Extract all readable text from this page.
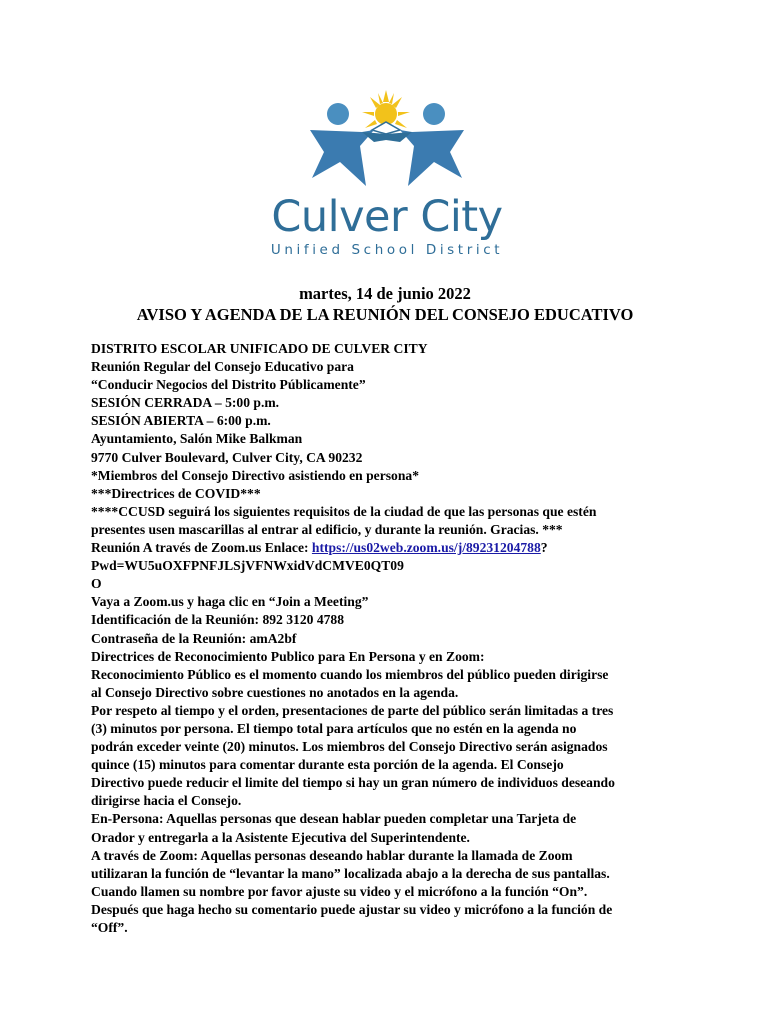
Culver City
Unified School District
martes, 14 de junio 2022
AVISO Y AGENDA DE LA REUNIÓN DEL CONSEJO EDUCATIVO

DISTRITO ESCOLAR UNIFICADO DE CULVER CITY

Reunión Regular del Consejo Educativo para

“Conducir Negocios del Distrito Públicamente”

SESIÓN CERRADA – 5:00 p.m.

SESIÓN ABIERTA – 6:00 p.m.

Ayuntamiento, Salón Mike Balkman

9770 Culver Boulevard, Culver City, CA 90232

*Miembros del Consejo Directivo asistiendo en persona*

***Directrices de COVID***

****CCUSD seguirá los siguientes requisitos de la ciudad de que las personas que estén

presentes usen mascarillas al entrar al edificio, y durante la reunión. Gracias. ***

Reunión A través de Zoom.us Enlace: https://us02web.zoom.us/j/89231204788?

Pwd=WU5uOXFPNFJLSjVFNWxidVdCMVE0QT09

O

Vaya a Zoom.us y haga clic en “Join a Meeting”

Identificación de la Reunión: 892 3120 4788

Contraseña de la Reunión: amA2bf

Directrices de Reconocimiento Publico para En Persona y en Zoom:

Reconocimiento Público es el momento cuando los miembros del público pueden dirigirse

al Consejo Directivo sobre cuestiones no anotados en la agenda.

Por respeto al tiempo y el orden, presentaciones de parte del público serán limitadas a tres

(3) minutos por persona. El tiempo total para artículos que no estén en la agenda no

podrán exceder veinte (20) minutos. Los miembros del Consejo Directivo serán asignados

quince (15) minutos para comentar durante esta porción de la agenda. El Consejo

Directivo puede reducir el limite del tiempo si hay un gran número de individuos deseando

dirigirse hacia el Consejo.

En-Persona: Aquellas personas que desean hablar pueden completar una Tarjeta de

Orador y entregarla a la Asistente Ejecutiva del Superintendente.

A través de Zoom: Aquellas personas deseando hablar durante la llamada de Zoom

utilizaran la función de “levantar la mano” localizada abajo a la derecha de sus pantallas.

Cuando llamen su nombre por favor ajuste su video y el micrófono a la función “On”.

Después que haga hecho su comentario puede ajustar su video y micrófono a la función de

“Off”.
